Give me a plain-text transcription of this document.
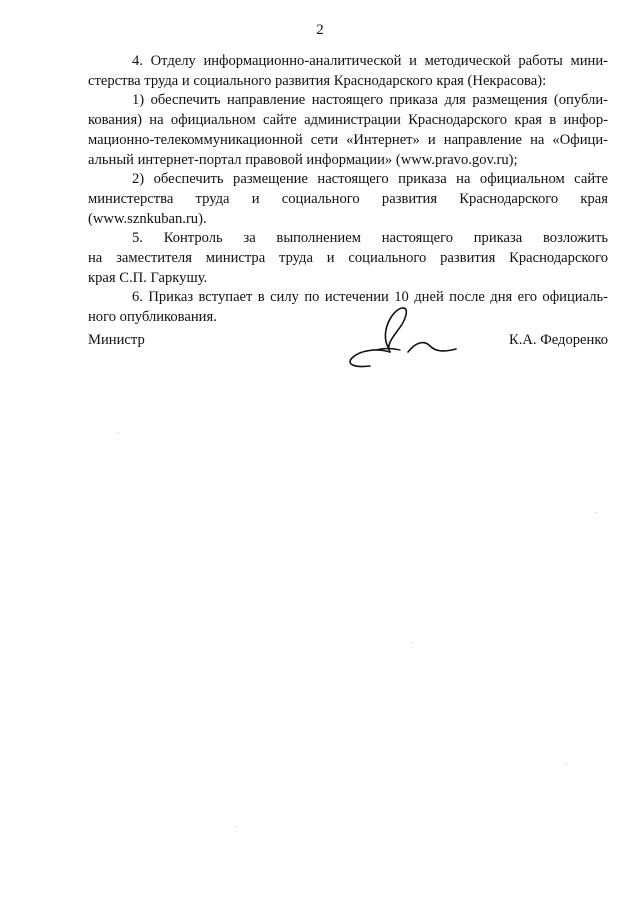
2
4. Отделу информационно-аналитической и методической работы мини-
стерства труда и социального развития Краснодарского края (Некрасова):
1) обеспечить направление настоящего приказа для размещения (опубли-
кования) на официальном сайте администрации Краснодарского края в инфор-
мационно-телекоммуникационной сети «Интернет» и направление на «Офици-
альный интернет-портал правовой информации» (www.pravo.gov.ru);
2) обеспечить размещение настоящего приказа на официальном сайте
министерства труда и социального развития Краснодарского края
(www.sznkuban.ru).
5. Контроль за выполнением настоящего приказа возложить
на заместителя министра труда и социального развития Краснодарского
края С.П. Гаркушу.
6. Приказ вступает в силу по истечении 10 дней после дня его официаль-
ного опубликования.
Министр	К.А. Федоренко
